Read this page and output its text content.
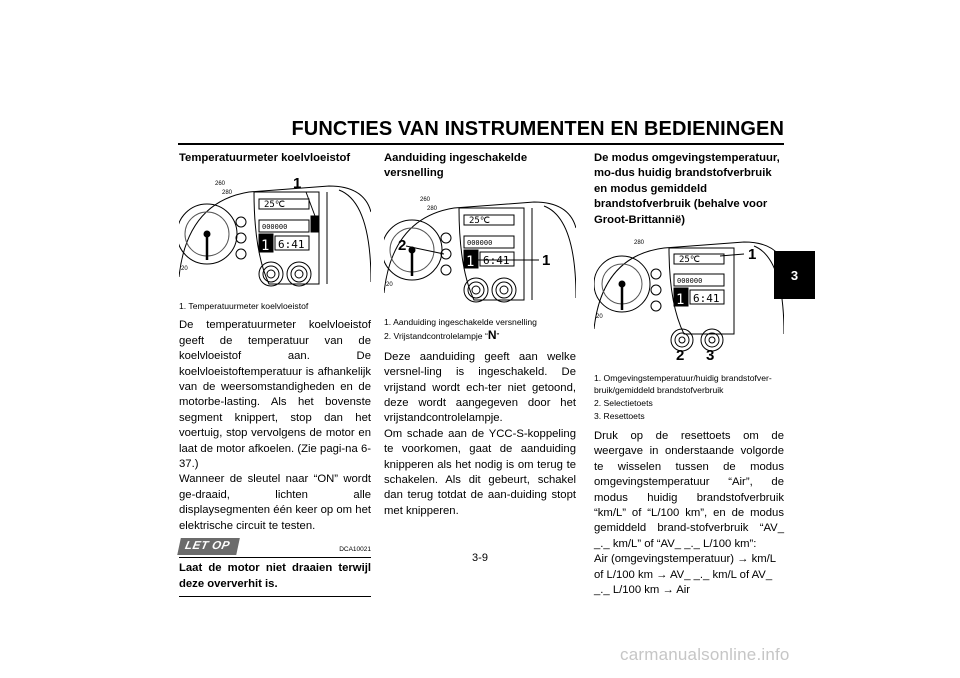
FUNCTIES VAN INSTRUMENTEN EN BEDIENINGEN
3

Temperatuurmeter koelvloeistof

260
280
20
25℃
000000
1 6:41
1
1. Temperatuurmeter koelvloeistof

De temperatuurmeter koelvloeistof geeft de temperatuur van de koelvloeistof aan. De koelvloeistoftemperatuur is afhankelijk van de weersomstandigheden en de motorbe-lasting. Als het bovenste segment knippert, stop dan het voertuig, stop vervolgens de motor en laat de motor afkoelen. (Zie pagi-na 6-37.)

Wanneer de sleutel naar “ON” wordt ge-draaid, lichten alle displaysegmenten één keer op om het elektrische circuit te testen.

LET OP	DCA10021

Laat de motor niet draaien terwijl deze oververhit is.

Aanduiding ingeschakelde versnelling

260
280
20
25℃
000000
1 6:41
2
1
1. Aanduiding ingeschakelde versnelling
2. Vrijstandcontrolelampje “N”

Deze aanduiding geeft aan welke versnel-ling is ingeschakeld. De vrijstand wordt ech-ter niet getoond, deze wordt aangegeven door het vrijstandcontrolelampje.

Om schade aan de YCC-S-koppeling te voorkomen, gaat de aanduiding knipperen als het nodig is om terug te schakelen. Als dit gebeurt, schakel dan terug totdat de aan-duiding stopt met knipperen.

De modus omgevingstemperatuur, mo-dus huidig brandstofverbruik en modus gemiddeld brandstofverbruik (behalve voor Groot-Brittannië)

280
20
25℃
000000
1 6:41
1
2 3
1. Omgevingstemperatuur/huidig brandstofver-bruik/gemiddeld brandstofverbruik
2. Selectietoets
3. Resettoets

Druk op de resettoets om de weergave in onderstaande volgorde te wisselen tussen de modus omgevingstemperatuur “Air”, de modus huidig brandstofverbruik “km/L” of “L/100 km”, en de modus gemiddeld brand-stofverbruik “AV_ _._ km/L” of “AV_ _._ L/100 km”:

Air (omgevingstemperatuur) → km/L of L/100 km → AV_ _._ km/L of AV_ _._ L/100 km → Air

3-9
carmanualsonline.info
